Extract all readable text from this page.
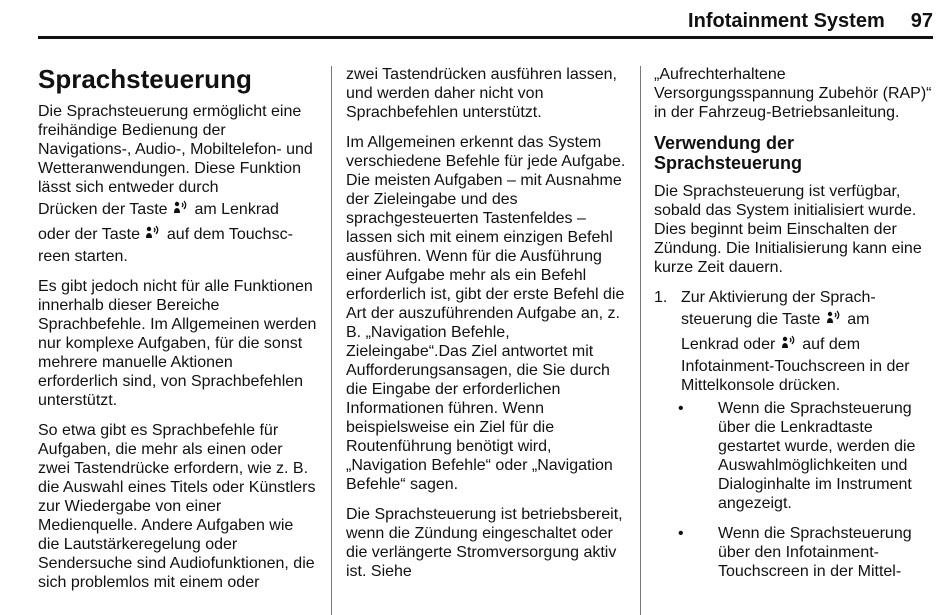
Infotainment System 97
Sprachsteuerung

Die Sprachsteuerung ermöglicht eine freihändige Bedienung der Navigations-, Audio-, Mobiltelefon- und Wetteranwendungen. Diese Funktion lässt sich entweder durch
Drücken der Taste am Lenkrad
oder der Taste auf dem Touchsc-
reen starten.

Es gibt jedoch nicht für alle Funktionen innerhalb dieser Bereiche Sprachbefehle. Im Allgemeinen werden nur komplexe Aufgaben, für die sonst mehrere manuelle Aktionen erforderlich sind, von Sprachbefehlen unterstützt.

So etwa gibt es Sprachbefehle für Aufgaben, die mehr als einen oder zwei Tastendrücke erfordern, wie z. B. die Auswahl eines Titels oder Künstlers zur Wiedergabe von einer Medienquelle. Andere Aufgaben wie die Lautstärkeregelung oder Sendersuche sind Audiofunktionen, die sich problemlos mit einem oder

zwei Tastendrücken ausführen lassen, und werden daher nicht von Sprachbefehlen unterstützt.

Im Allgemeinen erkennt das System verschiedene Befehle für jede Aufgabe. Die meisten Aufgaben – mit Ausnahme der Zieleingabe und des sprachgesteuerten Tastenfeldes – lassen sich mit einem einzigen Befehl ausführen. Wenn für die Ausführung einer Aufgabe mehr als ein Befehl erforderlich ist, gibt der erste Befehl die Art der auszuführenden Aufgabe an, z. B. „Navigation Befehle, Zieleingabe“.Das Ziel antwortet mit Aufforderungsansagen, die Sie durch die Eingabe der erforderlichen Informationen führen. Wenn beispielsweise ein Ziel für die Routenführung benötigt wird, „Navigation Befehle“ oder „Navigation Befehle“ sagen.

Die Sprachsteuerung ist betriebsbereit, wenn die Zündung eingeschaltet oder die verlängerte Stromversorgung aktiv ist. Siehe

„Aufrechterhaltene Versorgungsspannung Zubehör (RAP)“ in der Fahrzeug-Betriebsanleitung.

Verwendung der Sprachsteuerung

Die Sprachsteuerung ist verfügbar, sobald das System initialisiert wurde. Dies beginnt beim Einschalten der Zündung. Die Initialisierung kann eine kurze Zeit dauern.

1. Zur Aktivierung der Sprach-
steuerung die Taste am
Lenkrad oder auf dem
Infotainment-Touchscreen in der Mittelkonsole drücken.
•	Wenn die Sprachsteuerung über die Lenkradtaste gestartet wurde, werden die Auswahlmöglichkeiten und Dialoginhalte im Instrument angezeigt.
•	Wenn die Sprachsteuerung über den Infotainment-Touchscreen in der Mittel-
